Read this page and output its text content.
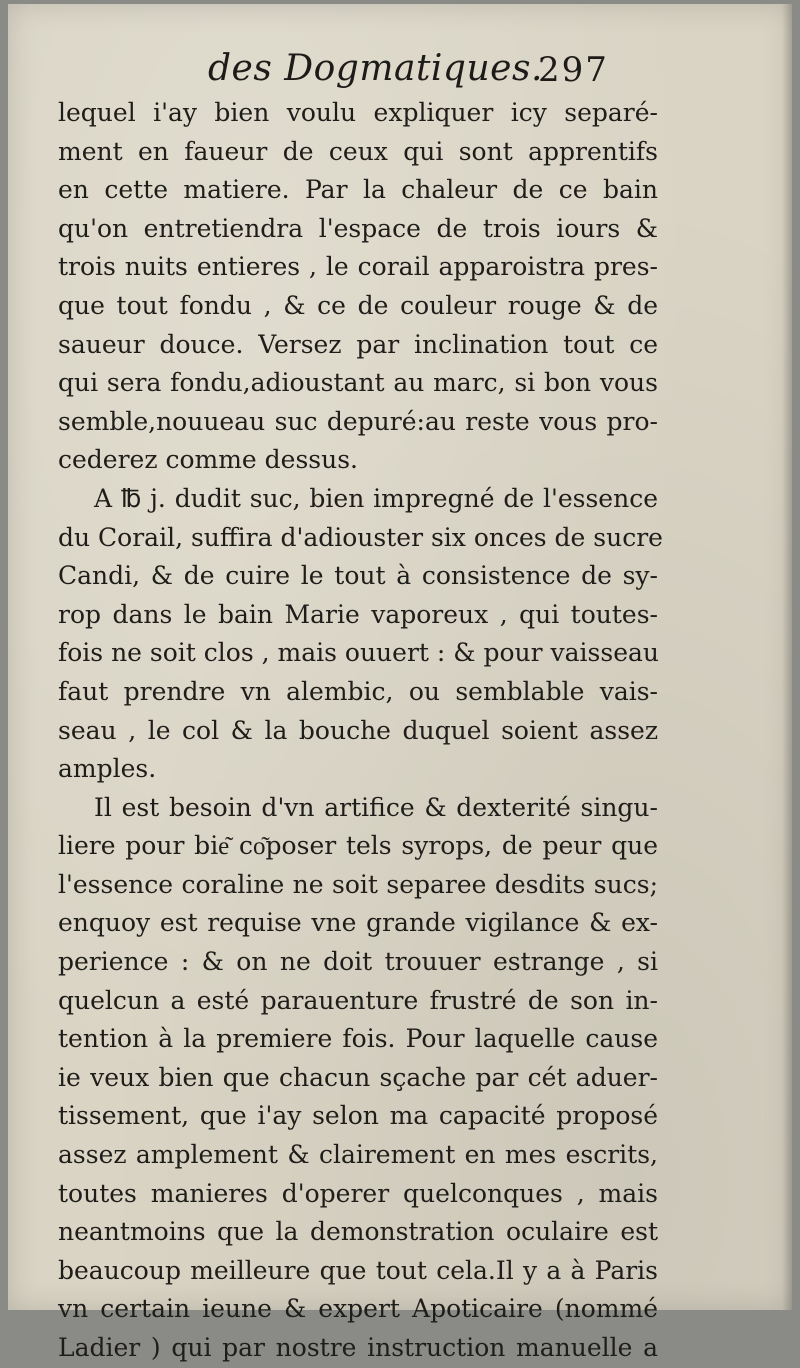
des Dogmatiques.
297
lequel i'ay bien voulu expliquer icy separé-
ment en faueur de ceux qui sont apprentifs
en cette matiere. Par la chaleur de ce bain
qu'on entretiendra l'espace de trois iours &
trois nuits entieres , le corail apparoistra pres-
que tout fondu , & ce de couleur rouge & de
saueur douce. Versez par inclination tout ce
qui sera fondu,adioustant au marc, si bon vous
semble,nouueau suc depuré:au reste vous pro-
cederez comme dessus.
A ℔ j. dudit suc, bien impregné de l'essence
du Corail, suffira d'adiouster six onces de sucre
Candi, & de cuire le tout à consistence de sy-
rop dans le bain Marie vaporeux , qui toutes-
fois ne soit clos , mais ouuert : & pour vaisseau
faut prendre vn alembic, ou semblable vais-
seau , le col & la bouche duquel soient assez
amples.
Il est besoin d'vn artifice & dexterité singu-
liere pour bie͂ co͂poser tels syrops, de peur que
l'essence coraline ne soit separee desdits sucs;
enquoy est requise vne grande vigilance & ex-
perience : & on ne doit trouuer estrange , si
quelcun a esté parauenture frustré de son in-
tention à la premiere fois. Pour laquelle cause
ie veux bien que chacun sçache par cét aduer-
tissement, que i'ay selon ma capacité proposé
assez amplement & clairement en mes escrits,
toutes manieres d'operer quelconques , mais
neantmoins que la demonstration oculaire est
beaucoup meilleure que tout cela.Il y a à Paris
vn certain ieune & expert Apoticaire (nommé
Ladier ) qui par nostre instruction manuelle a
